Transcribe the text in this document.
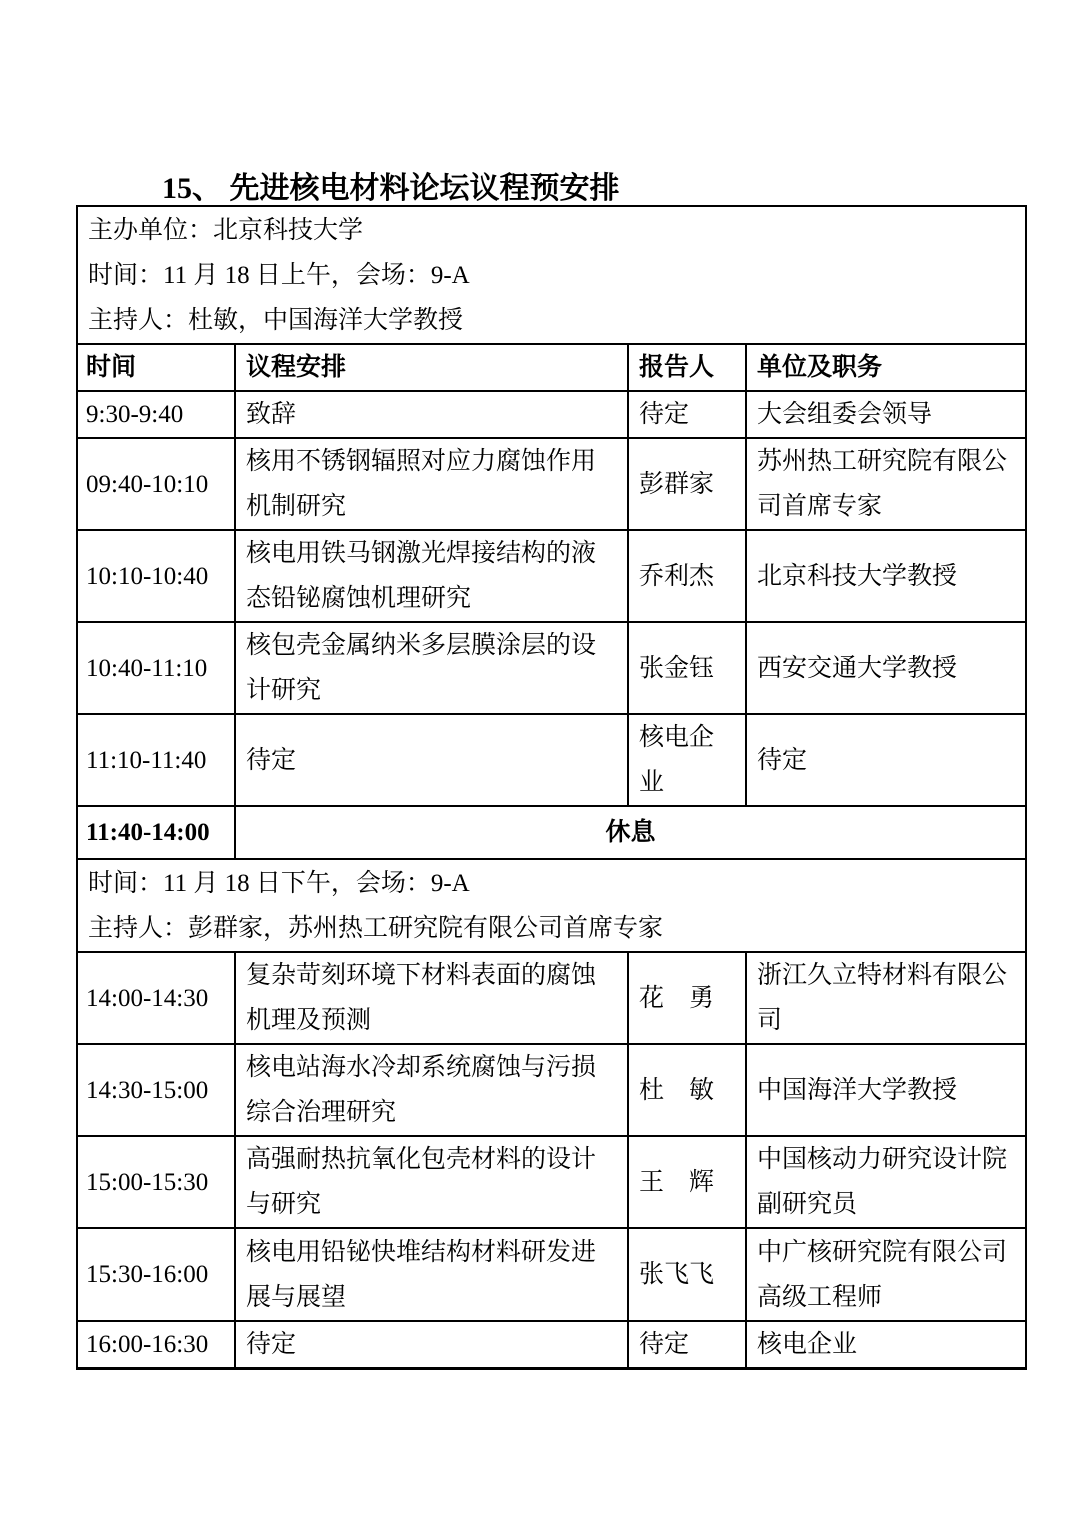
15、 先进核电材料论坛议程预安排
主办单位：北京科技大学
时间：11 月 18 日上午，会场：9-A
主持人：杜敏，中国海洋大学教授			

时间	议程安排	报告人	单位及职务
9:30-9:40	致辞	待定	大会组委会领导
09:40-10:10	核用不锈钢辐照对应力腐蚀作用机制研究	彭群家	苏州热工研究院有限公司首席专家
10:10-10:40	核电用铁马钢激光焊接结构的液态铅铋腐蚀机理研究	乔利杰	北京科技大学教授
10:40-11:10	核包壳金属纳米多层膜涂层的设计研究	张金钰	西安交通大学教授
11:10-11:40	待定	核电企业	待定
11:40-14:00	休息		

时间：11 月 18 日下午，会场：9-A
主持人：彭群家，苏州热工研究院有限公司首席专家			

14:00-14:30	复杂苛刻环境下材料表面的腐蚀机理及预测	花　勇	浙江久立特材料有限公司
14:30-15:00	核电站海水冷却系统腐蚀与污损综合治理研究	杜　敏	中国海洋大学教授
15:00-15:30	高强耐热抗氧化包壳材料的设计与研究	王　辉	中国核动力研究设计院副研究员
15:30-16:00	核电用铅铋快堆结构材料研发进展与展望	张飞飞	中广核研究院有限公司高级工程师
16:00-16:30	待定	待定	核电企业
